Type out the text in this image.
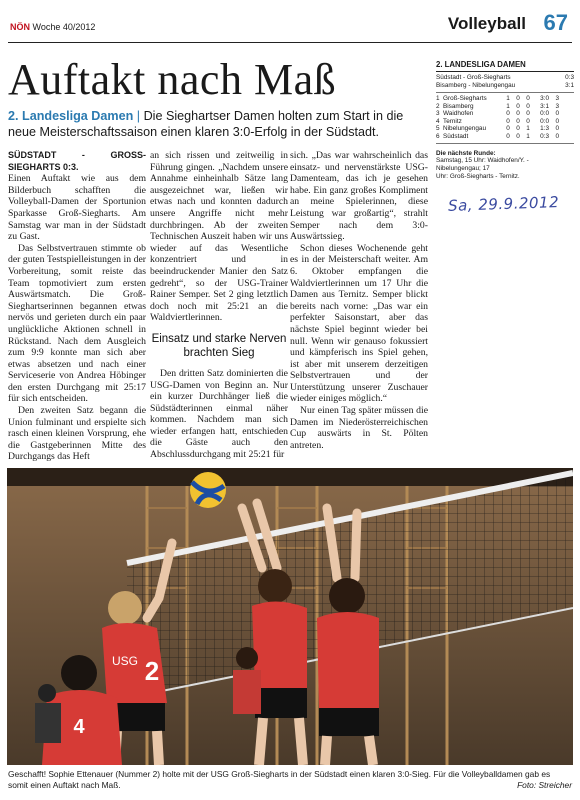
NÖN Woche 40/2012	Volleyball 67
Auftakt nach Maß
2. Landesliga Damen | Die Sieghartser Damen holten zum Start in die neue Meisterschaftssaison einen klaren 3:0-Erfolg in der Südstadt.

SÜDSTADT - GROSS-SIEGHARTS 0:3.

Einen Auftakt wie aus dem Bilderbuch schafften die Volleyball-Damen der Sportunion Sparkasse Groß-Siegharts. Am Samstag war man in der Südstadt zu Gast.

Das Selbstvertrauen stimmte ob der guten Testspielleistungen in der Vorbereitung, somit reiste das Team topmotiviert zum ersten Auswärtsmatch. Die Groß-Sieghartserinnen begannen etwas nervös und gerieten durch ein paar unglückliche Aktionen schnell in Rückstand. Nach dem Ausgleich zum 9:9 konnte man sich aber etwas absetzen und nach einer Serviceserie von Andrea Höbinger den ersten Durchgang mit 25:17 für sich entscheiden.

Den zweiten Satz begann die Union fulminant und erspielte sich rasch einen kleinen Vorsprung, ehe die Gastgeberinnen Mitte des Durchgangs das Heft

an sich rissen und zeitweilig in Führung gingen. „Nachdem unsere Annahme einheinhalb Sätze lang ausgezeichnet war, ließen wir etwas nach und konnten dadurch unsere Angriffe nicht mehr durchbringen. Ab der zweiten Technischen Auszeit haben wir uns wieder auf das Wesentliche konzentriert und in beeindruckender Manier den Satz gedreht“, so der USG-Trainer Rainer Semper. Set 2 ging letztlich doch noch mit 25:21 an die Waldviertlerinnen.

Einsatz und starke Nerven brachten Sieg

Den dritten Satz dominierten die USG-Damen von Beginn an. Nur ein kurzer Durchhänger ließ die Südstädterinnen einmal näher kommen. Nachdem man sich wieder erfangen hatt, entschieden die Gäste auch den Abschlussdurchgang mit 25:21 für

sich. „Das war wahrscheinlich das einsatz- und nervenstärkste USG-Damenteam, das ich je gesehen habe. Ein ganz großes Kompliment an meine Spielerinnen, diese Leistung war großartig“, strahlt Semper nach dem 3:0-Auswärtssieg.

Schon dieses Wochenende geht es in der Meisterschaft weiter. Am 6. Oktober empfangen die Waldviertlerinnen um 17 Uhr die Damen aus Ternitz. Semper blickt bereits nach vorne: „Das war ein perfekter Saisonstart, aber das nächste Spiel beginnt wieder bei null. Wenn wir genauso fokussiert und kämpferisch ins Spiel gehen, ist aber mit unserem derzeitigen Selbstvertrauen und der Unterstützung unserer Zuschauer wieder einiges möglich.“

Nur einen Tag später müssen die Damen im Niederösterreichischen Cup auswärts in St. Pölten antreten.

2. LANDESLIGA DAMEN
Südstadt - Groß-Siegharts	0:3
Bisamberg - Nibelungengau	3:1
1 Groß-Siegharts	1	0	0	3:0	3
2 Bisamberg	1	0	0	3:1	3
3 Waidhofen	0	0	0	0:0	0
4 Ternitz	0	0	0	0:0	0
5 Nibelungengau	0	0	1	1:3	0
6 Südstadt	0	0	1	0:3	0
Die nächste Runde:
Samstag, 15 Uhr: Waidhofen/Y. - Nibelungengau; 17
Uhr: Groß-Siegharts - Ternitz.
Sa, 29.9.2012
USG 2
4
Geschafft! Sophie Ettenauer (Nummer 2) holte mit der USG Groß-Siegharts in der Südstadt einen klaren 3:0-Sieg. Für die Volleyballdamen gab es somit einen Auftakt nach Maß.	Foto: Streicher
